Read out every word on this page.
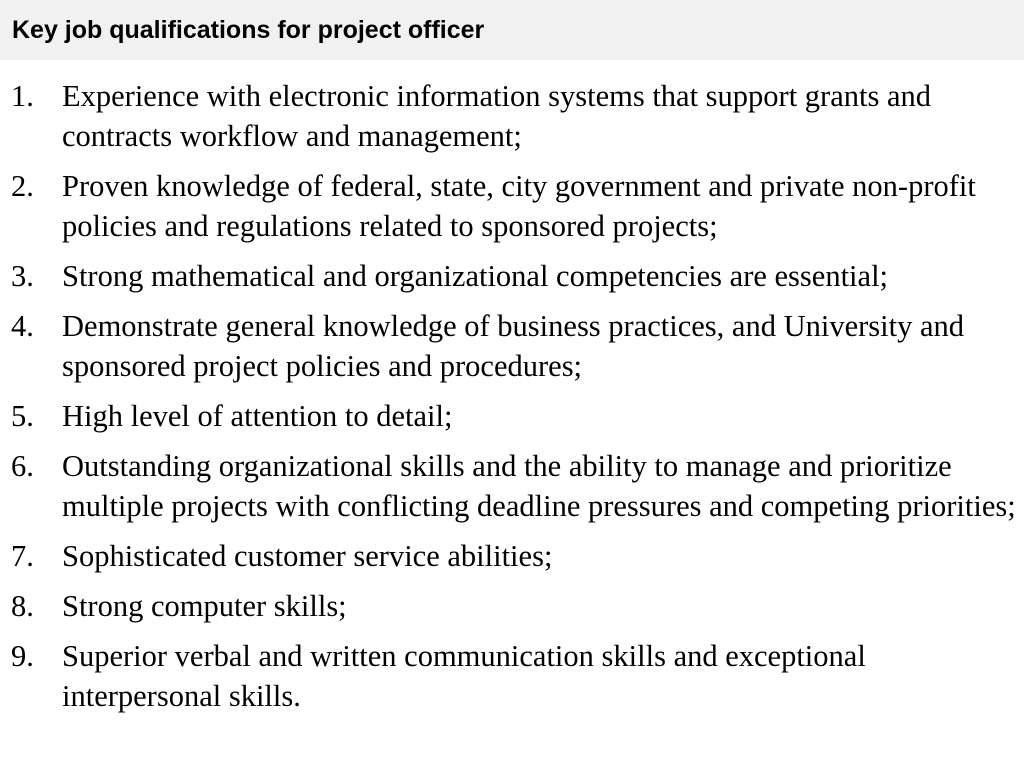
Key job qualifications for project officer
1. Experience with electronic information systems that support grants and contracts workflow and management;
2. Proven knowledge of federal, state, city government and private non-profit policies and regulations related to sponsored projects;
3. Strong mathematical and organizational competencies are essential;
4. Demonstrate general knowledge of business practices, and University and sponsored project policies and procedures;
5. High level of attention to detail;
6. Outstanding organizational skills and the ability to manage and prioritize multiple projects with conflicting deadline pressures and competing priorities;
7. Sophisticated customer service abilities;
8. Strong computer skills;
9. Superior verbal and written communication skills and exceptional interpersonal skills.
